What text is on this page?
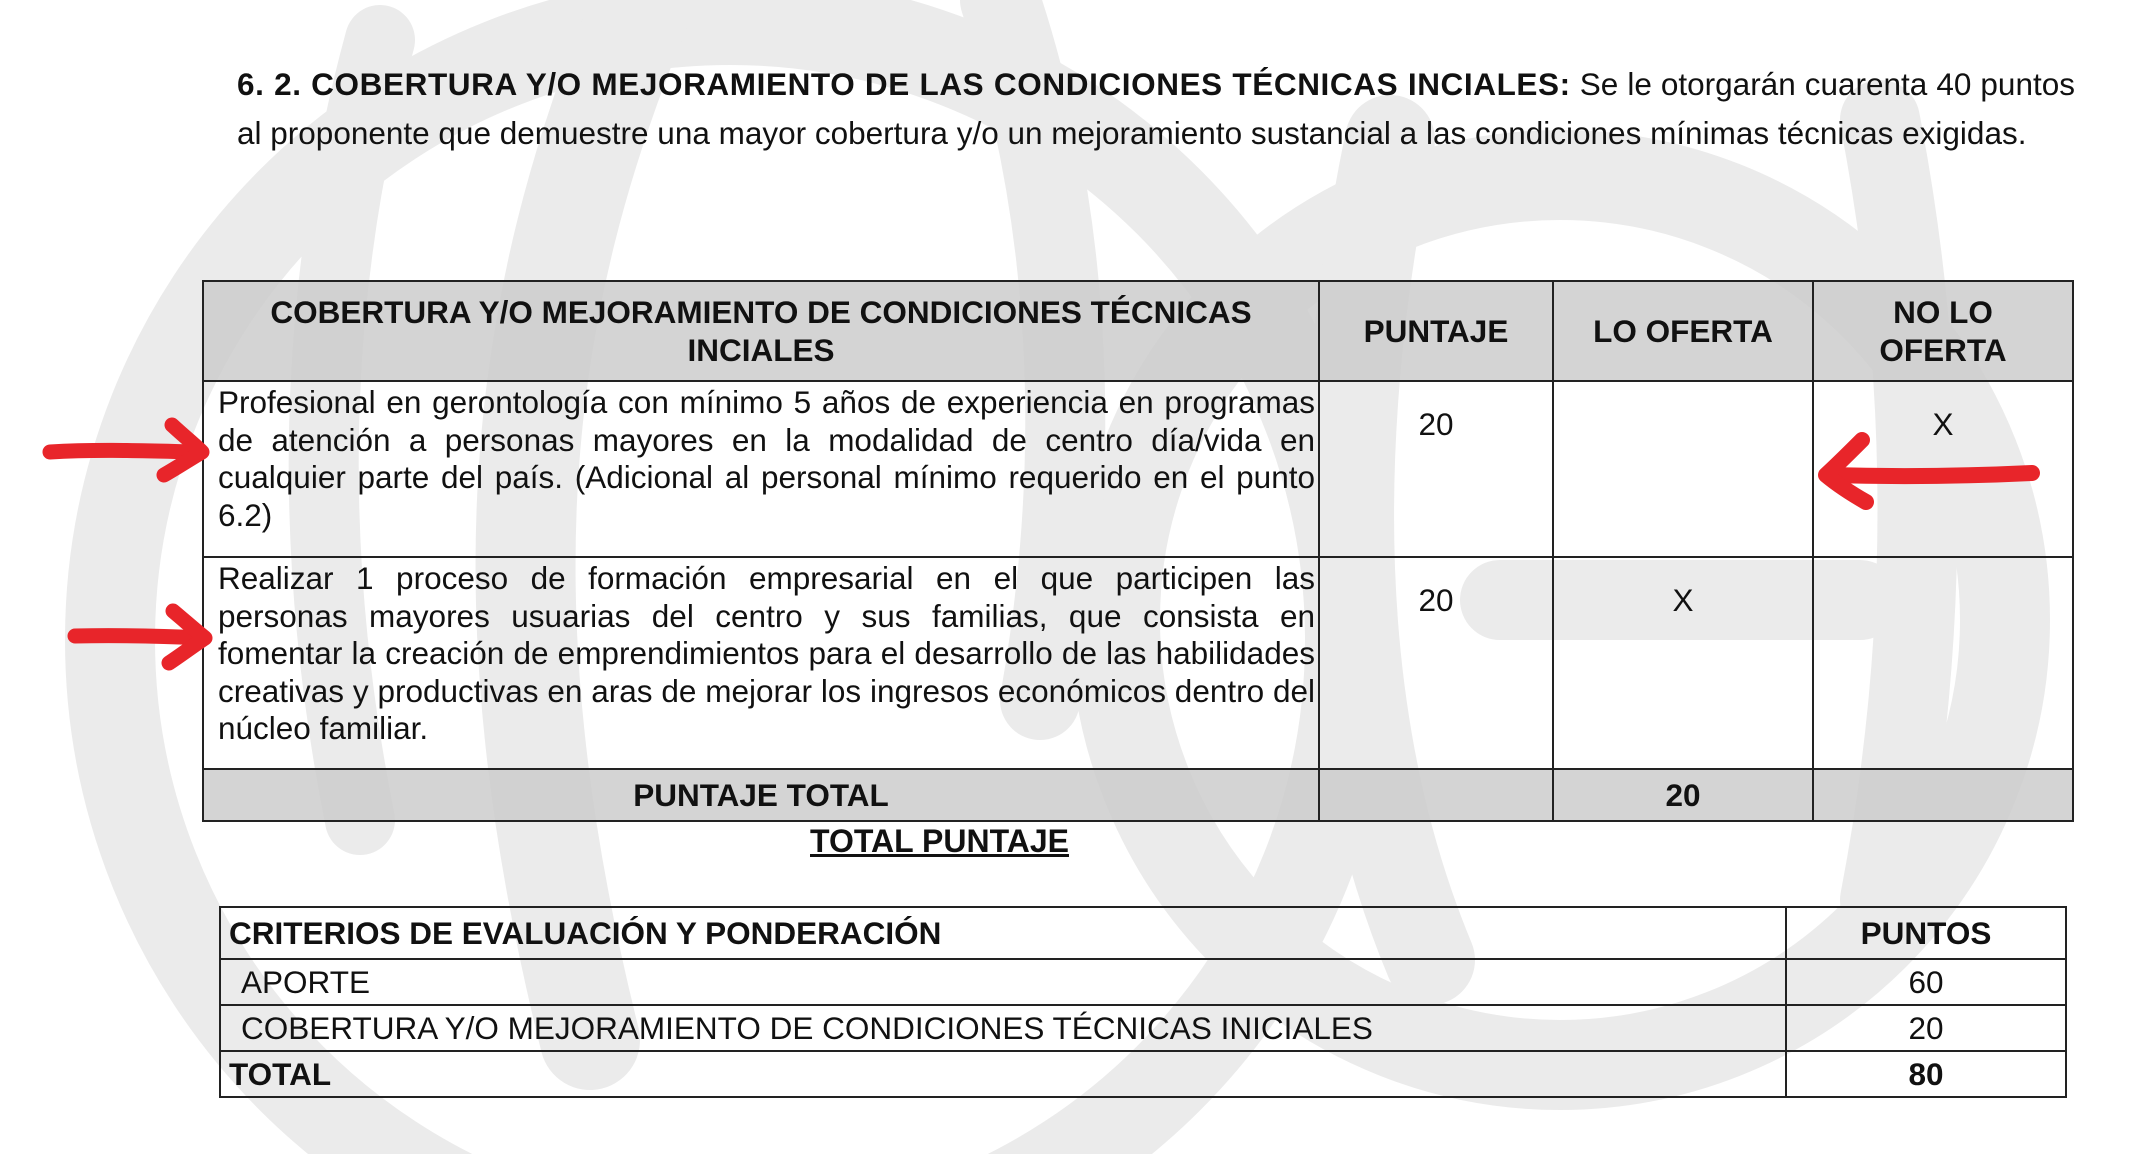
6. 2. COBERTURA Y/O MEJORAMIENTO DE LAS CONDICIONES TÉCNICAS INCIALES: Se le otorgarán cuarenta 40 puntos al proponente que demuestre una mayor cobertura y/o un mejoramiento sustancial a las condiciones mínimas técnicas exigidas.

COBERTURA Y/O MEJORAMIENTO DE CONDICIONES TÉCNICAS INCIALES	PUNTAJE	LO OFERTA	NO LO OFERTA
Profesional en gerontología con mínimo 5 años de experiencia en programas de atención a personas mayores en la modalidad de centro día/vida en cualquier parte del país. (Adicional al personal mínimo requerido en el punto 6.2)	20		X
Realizar 1 proceso de formación empresarial en el que participen las personas mayores usuarias del centro y sus familias, que consista en fomentar la creación de emprendimientos para el desarrollo de las habilidades creativas y productivas en aras de mejorar los ingresos económicos dentro del núcleo familiar.	20	X	
PUNTAJE TOTAL		20	

TOTAL PUNTAJE

CRITERIOS DE EVALUACIÓN Y PONDERACIÓN	PUNTOS
APORTE	60
COBERTURA Y/O MEJORAMIENTO DE CONDICIONES TÉCNICAS INICIALES	20
TOTAL	80
